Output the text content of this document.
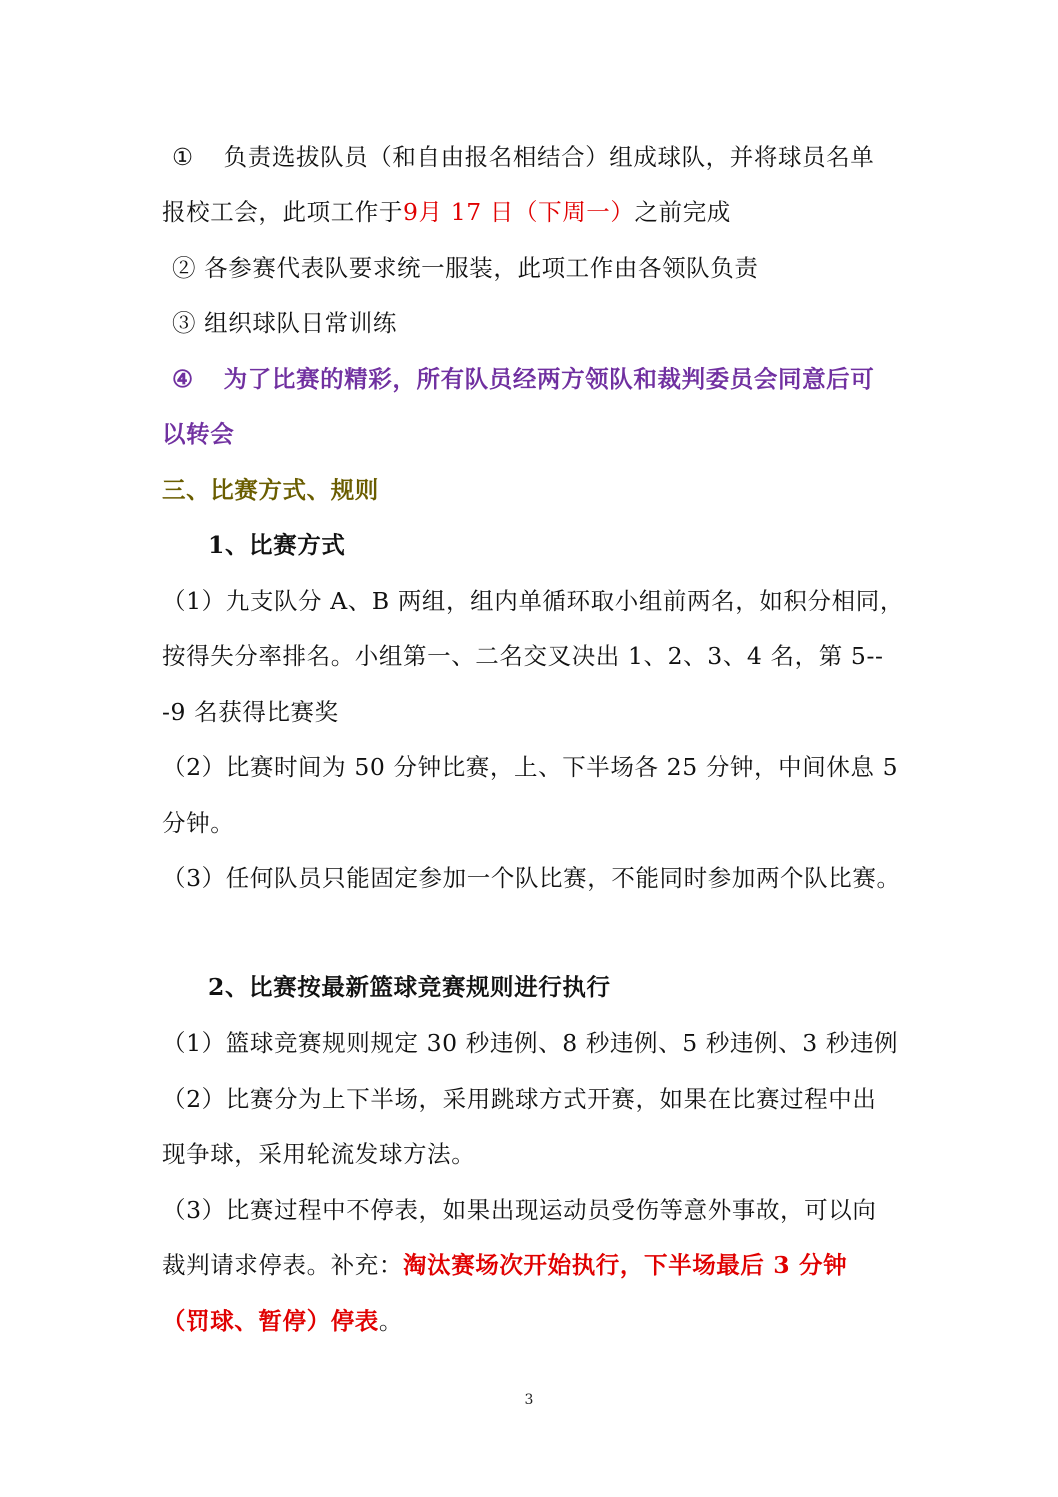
① 负责选拔队员（和自由报名相结合）组成球队，并将球员名单
报校工会，此项工作于9月 17 日（下周一）之前完成
② 各参赛代表队要求统一服装，此项工作由各领队负责
③ 组织球队日常训练
④ 为了比赛的精彩，所有队员经两方领队和裁判委员会同意后可
以转会
三、比赛方式、规则
1、比赛方式
（1）九支队分 A、B 两组，组内单循环取小组前两名，如积分相同，
按得失分率排名。小组第一、二名交叉决出 1、2、3、4 名，第 5--
-9 名获得比赛奖
（2）比赛时间为 50 分钟比赛，上、下半场各 25 分钟，中间休息 5
分钟。
（3）任何队员只能固定参加一个队比赛，不能同时参加两个队比赛。
2、比赛按最新篮球竞赛规则进行执行
（1）篮球竞赛规则规定 30 秒违例、8 秒违例、5 秒违例、3 秒违例
（2）比赛分为上下半场，采用跳球方式开赛，如果在比赛过程中出
现争球，采用轮流发球方法。
（3）比赛过程中不停表，如果出现运动员受伤等意外事故，可以向
裁判请求停表。补充：淘汰赛场次开始执行，下半场最后 3 分钟
（罚球、暂停）停表。
3
